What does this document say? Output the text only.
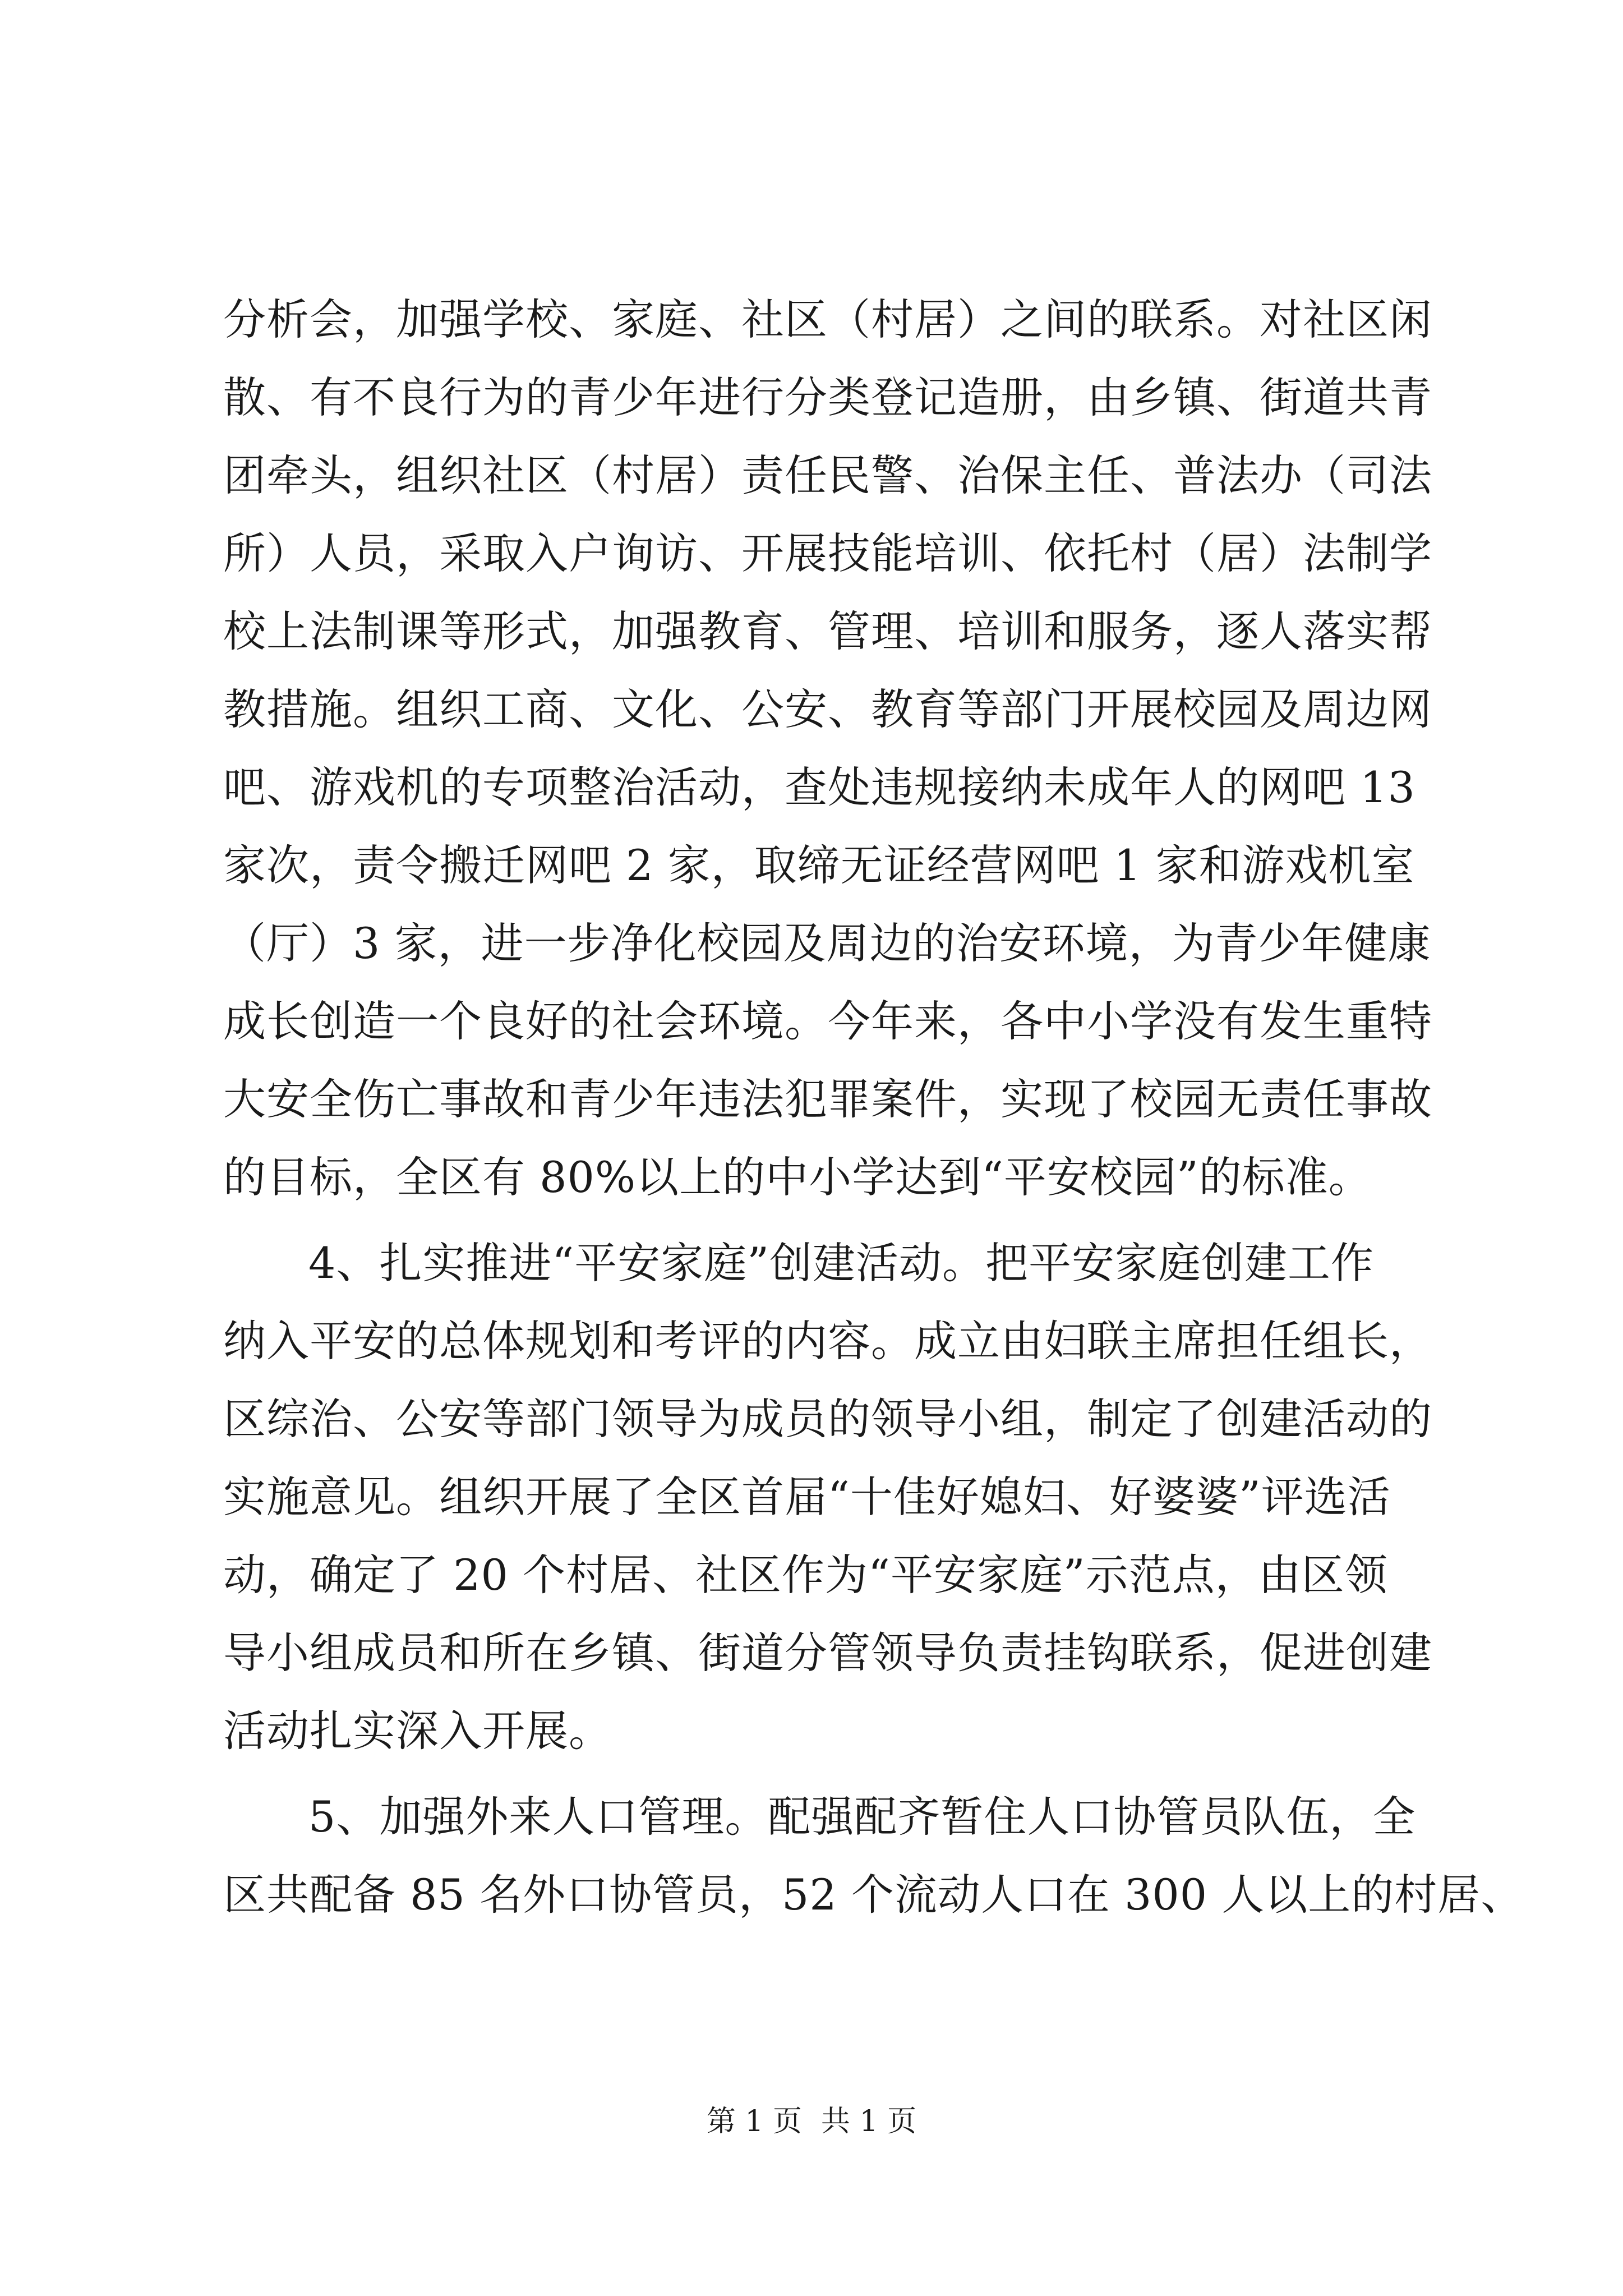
分析会，加强学校、家庭、社区（村居）之间的联系。对社区闲
散、有不良行为的青少年进行分类登记造册，由乡镇、街道共青
团牵头，组织社区（村居）责任民警、治保主任、普法办（司法
所）人员，采取入户询访、开展技能培训、依托村（居）法制学
校上法制课等形式，加强教育、管理、培训和服务，逐人落实帮
教措施。组织工商、文化、公安、教育等部门开展校园及周边网
吧、游戏机的专项整治活动，查处违规接纳未成年人的网吧 13
家次，责令搬迁网吧 2 家，取缔无证经营网吧 1 家和游戏机室
（厅）3 家，进一步净化校园及周边的治安环境，为青少年健康
成长创造一个良好的社会环境。今年来，各中小学没有发生重特
大安全伤亡事故和青少年违法犯罪案件，实现了校园无责任事故
的目标，全区有 80%以上的中小学达到“平安校园”的标准。
4、扎实推进“平安家庭”创建活动。把平安家庭创建工作
纳入平安的总体规划和考评的内容。成立由妇联主席担任组长，
区综治、公安等部门领导为成员的领导小组，制定了创建活动的
实施意见。组织开展了全区首届“十佳好媳妇、好婆婆”评选活
动，确定了 20 个村居、社区作为“平安家庭”示范点，由区领
导小组成员和所在乡镇、街道分管领导负责挂钩联系，促进创建
活动扎实深入开展。
5、加强外来人口管理。配强配齐暂住人口协管员队伍，全
区共配备 85 名外口协管员，52 个流动人口在 300 人以上的村居、
第 1 页 共 1 页
